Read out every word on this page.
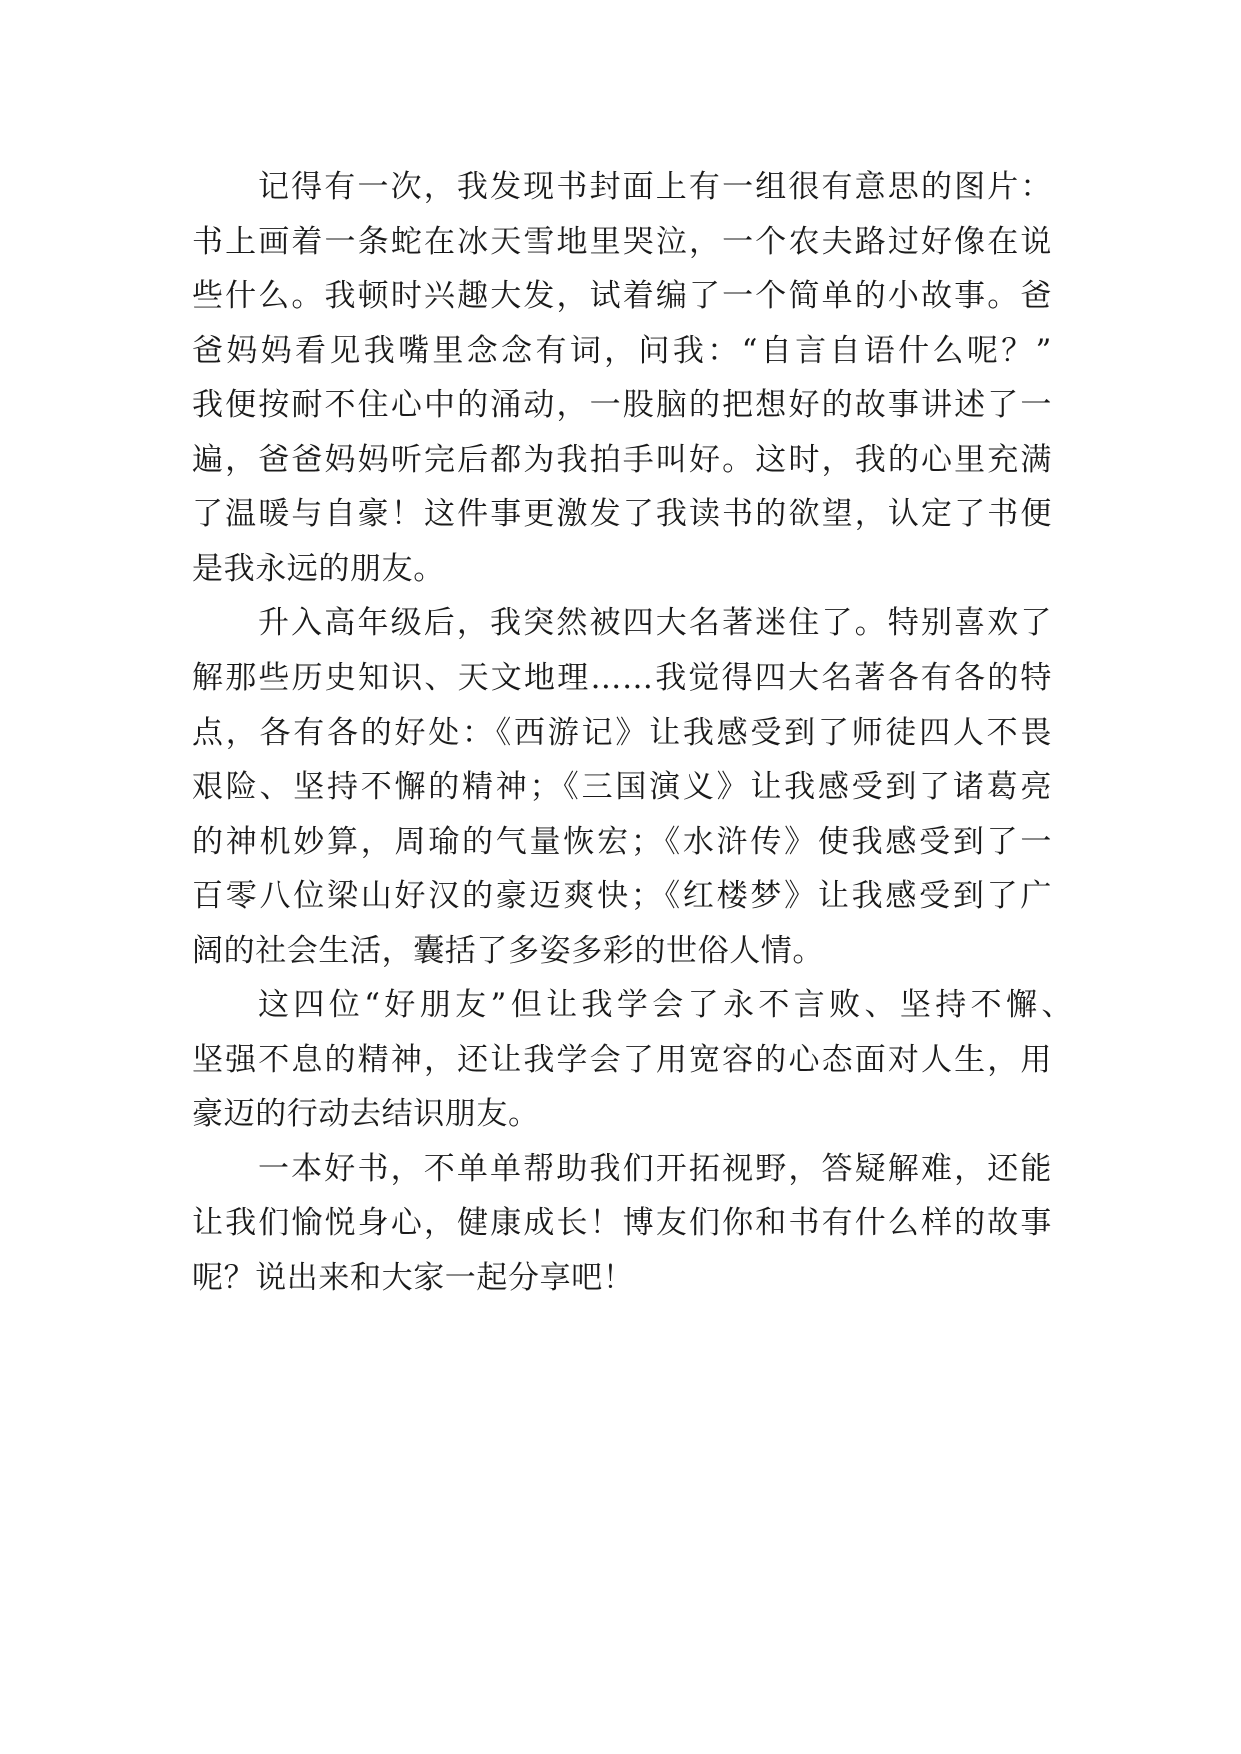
记得有一次，我发现书封面上有一组很有意思的图片：
书上画着一条蛇在冰天雪地里哭泣，一个农夫路过好像在说
些什么。我顿时兴趣大发，试着编了一个简单的小故事。爸
爸妈妈看见我嘴里念念有词，问我：“自言自语什么呢？”
我便按耐不住心中的涌动，一股脑的把想好的故事讲述了一
遍，爸爸妈妈听完后都为我拍手叫好。这时，我的心里充满
了温暖与自豪！这件事更激发了我读书的欲望，认定了书便
是我永远的朋友。
升入高年级后，我突然被四大名著迷住了。特别喜欢了
解那些历史知识、天文地理……我觉得四大名著各有各的特
点，各有各的好处：《西游记》让我感受到了师徒四人不畏
艰险、坚持不懈的精神；《三国演义》让我感受到了诸葛亮
的神机妙算，周瑜的气量恢宏；《水浒传》使我感受到了一
百零八位梁山好汉的豪迈爽快；《红楼梦》让我感受到了广
阔的社会生活，囊括了多姿多彩的世俗人情。
这四位“好朋友”但让我学会了永不言败、坚持不懈、
坚强不息的精神，还让我学会了用宽容的心态面对人生，用
豪迈的行动去结识朋友。
一本好书，不单单帮助我们开拓视野，答疑解难，还能
让我们愉悦身心，健康成长！博友们你和书有什么样的故事
呢？说出来和大家一起分享吧！
